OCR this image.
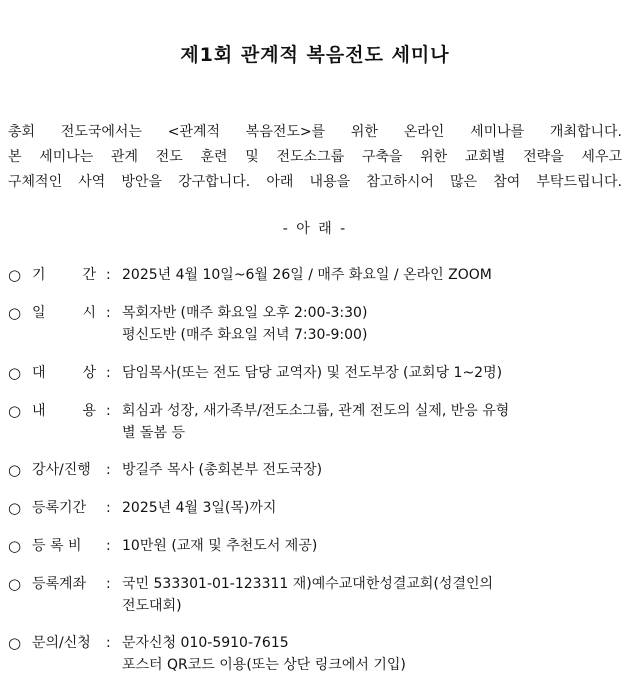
제1회 관계적 복음전도 세미나
총회 전도국에서는 <관계적 복음전도>를 위한 온라인 세미나를 개최합니다.
본 세미나는 관계 전도 훈련 및 전도소그룹 구축을 위한 교회별 전략을 세우고
구체적인 사역 방안을 강구합니다. 아래 내용을 참고하시어 많은 참여 부탁드립니다.
- 아 래 -
○ 기 간 : 2025년 4월 10일~6월 26일 / 매주 화요일 / 온라인 ZOOM
○ 일 시 : 목회자반 (매주 화요일 오후 2:00-3:30)
평신도반 (매주 화요일 저녁 7:30-9:00)
○ 대 상 : 담임목사(또는 전도 담당 교역자) 및 전도부장 (교회당 1~2명)
○ 내 용 : 회심과 성장, 새가족부/전도소그룹, 관계 전도의 실제, 반응 유형
별 돌봄 등
○ 강사/진행	: 방길주 목사 (총회본부 전도국장)
○ 등록기간	: 2025년 4월 3일(목)까지
○ 등 록 비	: 10만원 (교재 및 추천도서 제공)
○ 등록계좌	: 국민 533301-01-123311 재)예수교대한성결교회(성결인의
전도대회)
○ 문의/신청	: 문자신청 010-5910-7615
포스터 QR코드 이용(또는 상단 링크에서 기입)
